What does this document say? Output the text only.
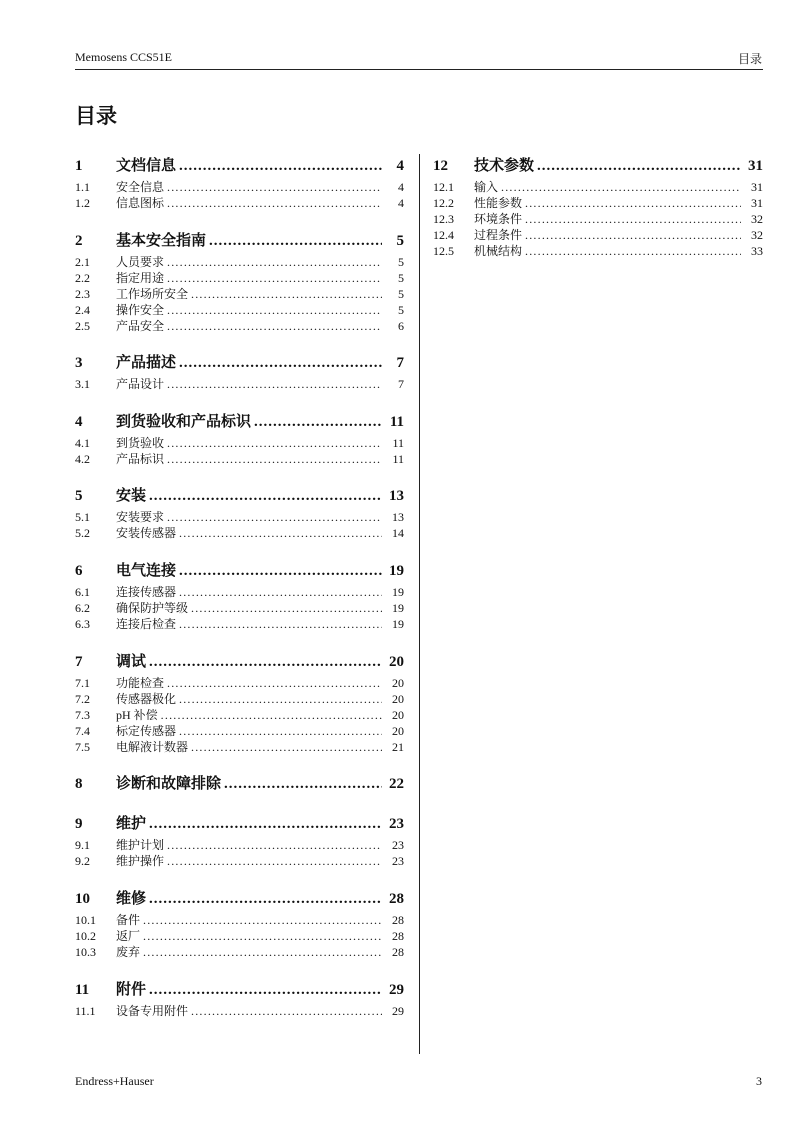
Memosens CCS51E	目录
目录
1	文档信息 .....	4
1.1	安全信息 .....	4
1.2	信息图标 .....	4
2	基本安全指南 .....	5
2.1	人员要求 .....	5
2.2	指定用途 .....	5
2.3	工作场所安全 .....	5
2.4	操作安全 .....	5
2.5	产品安全 .....	6
3	产品描述 .....	7
3.1	产品设计 .....	7
4	到货验收和产品标识 .....	11
4.1	到货验收 .....	11
4.2	产品标识 .....	11
5	安装 .....	13
5.1	安装要求 .....	13
5.2	安装传感器 .....	14
6	电气连接 .....	19
6.1	连接传感器 .....	19
6.2	确保防护等级 .....	19
6.3	连接后检查 .....	19
7	调试 .....	20
7.1	功能检查 .....	20
7.2	传感器极化 .....	20
7.3	pH 补偿 .....	20
7.4	标定传感器 .....	20
7.5	电解液计数器 .....	21
8	诊断和故障排除 .....	22
9	维护 .....	23
9.1	维护计划 .....	23
9.2	维护操作 .....	23
10	维修 .....	28
10.1	备件 .....	28
10.2	返厂 .....	28
10.3	废弃 .....	28
11	附件 .....	29
11.1	设备专用附件 .....	29
12	技术参数 .....	31
12.1	输入 .....	31
12.2	性能参数 .....	31
12.3	环境条件 .....	32
12.4	过程条件 .....	32
12.5	机械结构 .....	33
Endress+Hauser	3
